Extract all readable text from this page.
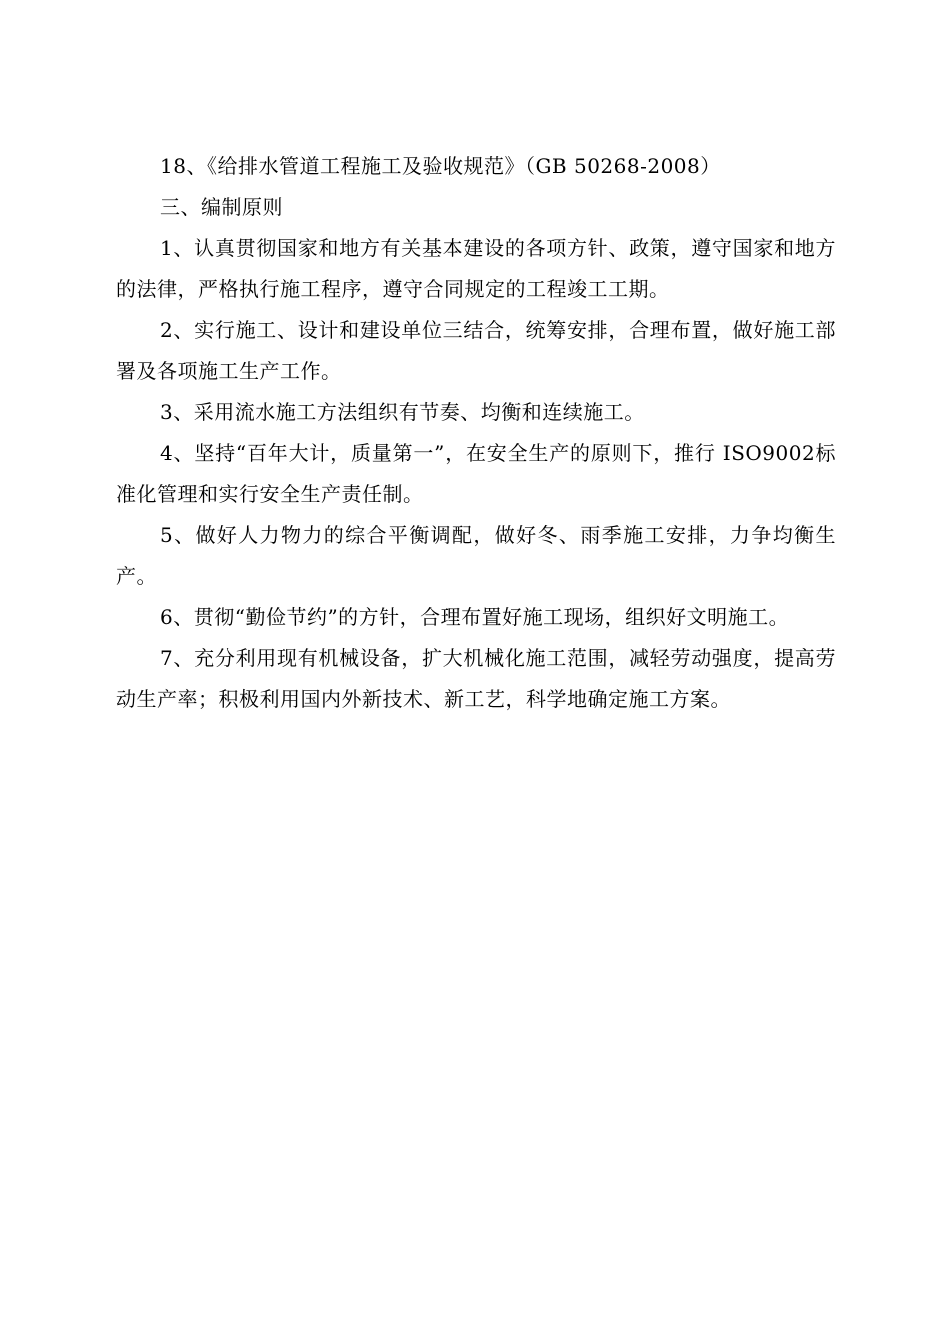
18、《给排水管道工程施工及验收规范》（GB 50268-2008）

三、编制原则

1、认真贯彻国家和地方有关基本建设的各项方针、政策，遵守国家和地方的法律，严格执行施工程序，遵守合同规定的工程竣工工期。

2、实行施工、设计和建设单位三结合，统筹安排，合理布置，做好施工部署及各项施工生产工作。

3、采用流水施工方法组织有节奏、均衡和连续施工。

4、坚持“百年大计，质量第一”，在安全生产的原则下，推行 ISO9002标准化管理和实行安全生产责任制。

5、做好人力物力的综合平衡调配，做好冬、雨季施工安排，力争均衡生产。

6、贯彻“勤俭节约”的方针，合理布置好施工现场，组织好文明施工。

7、充分利用现有机械设备，扩大机械化施工范围，减轻劳动强度，提高劳动生产率；积极利用国内外新技术、新工艺，科学地确定施工方案。
